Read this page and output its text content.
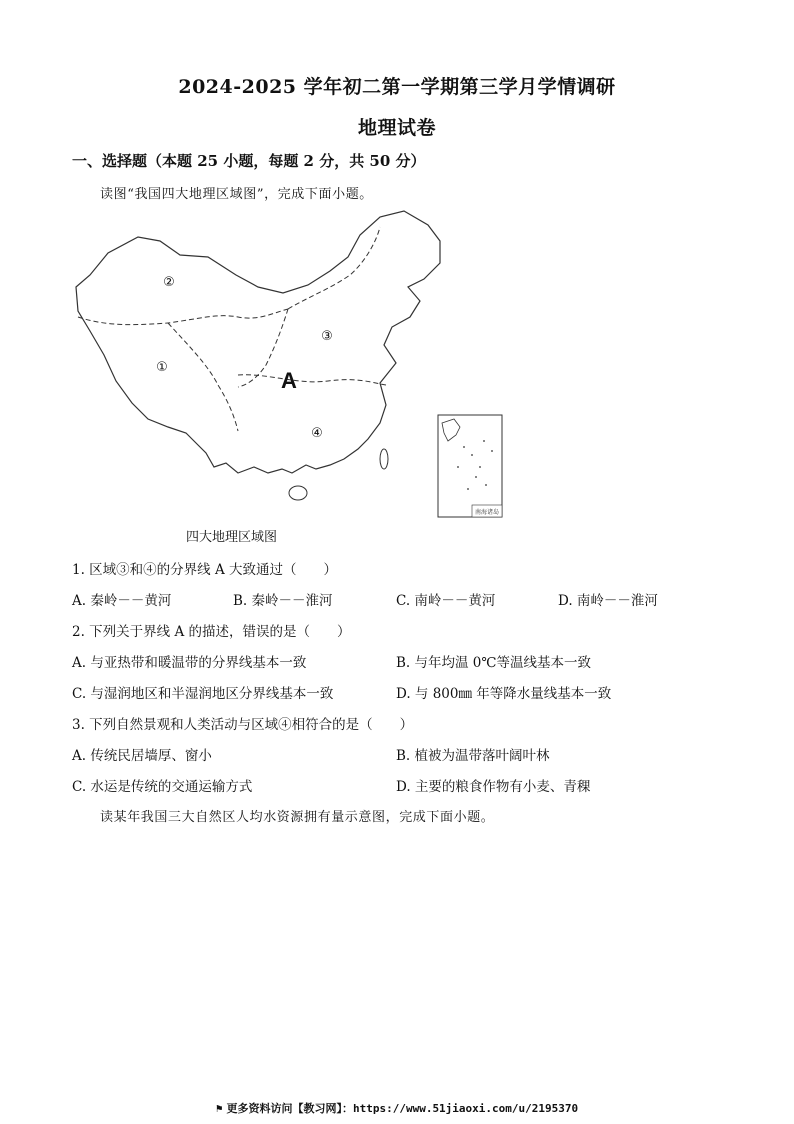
2024-2025 学年初二第一学期第三学月学情调研
地理试卷
一、选择题（本题 25 小题，每题 2 分，共 50 分）
读图“我国四大地理区域图”，完成下面小题。
南海诸岛
②
①
③
④
A
四大地理区域图
1. 区域③和④的分界线 A 大致通过（　　）
A. 秦岭－－黄河	B. 秦岭－－淮河	C. 南岭－－黄河	D. 南岭－－淮河
2. 下列关于界线 A 的描述，错误的是（　　）
A. 与亚热带和暖温带的分界线基本一致	B. 与年均温 0℃等温线基本一致
C. 与湿润地区和半湿润地区分界线基本一致	D. 与 800㎜ 年等降水量线基本一致
3. 下列自然景观和人类活动与区域④相符合的是（　　）
A. 传统民居墙厚、窗小	B. 植被为温带落叶阔叶林
C. 水运是传统的交通运输方式	D. 主要的粮食作物有小麦、青稞
读某年我国三大自然区人均水资源拥有量示意图，完成下面小题。
⚑ 更多资料访问【教习网】：https://www.51jiaoxi.com/u/2195370
